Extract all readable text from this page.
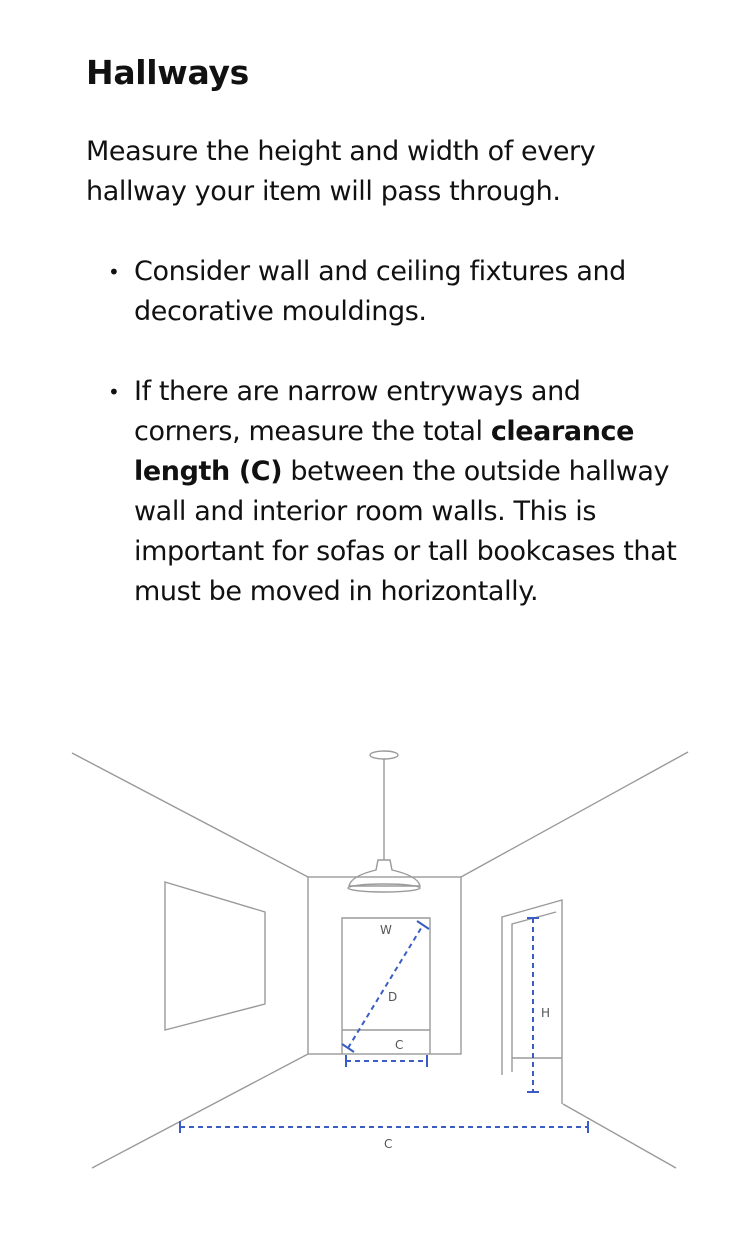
Hallways

Measure the height and width of every hallway your item will pass through.

• Consider wall and ceiling fixtures and decorative mouldings.
• If there are narrow entryways and corners, measure the total clearance length (C) between the outside hallway wall and interior room walls. This is important for sofas or tall bookcases that must be moved in horizontally.
W
D
C
H
C
